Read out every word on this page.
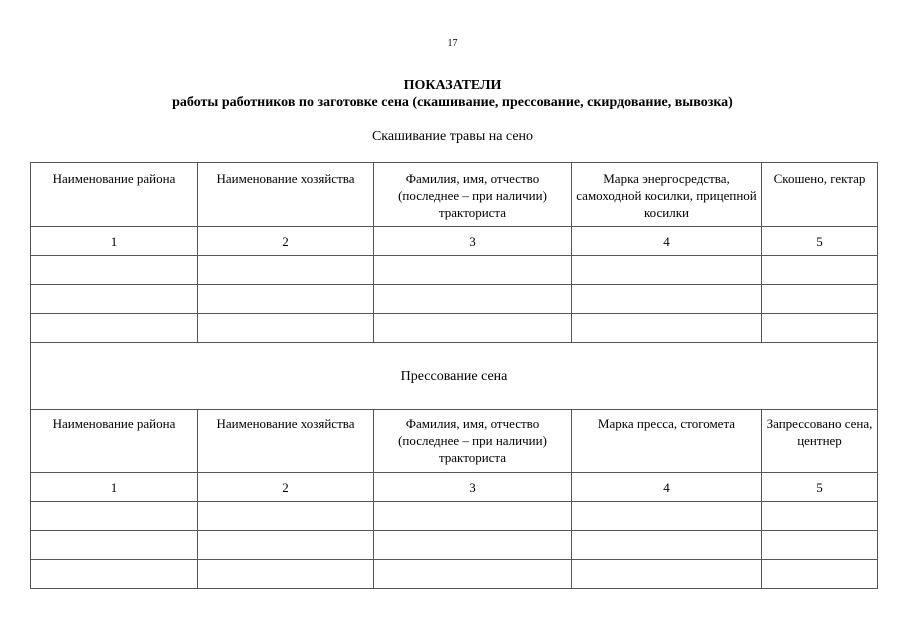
17
ПОКАЗАТЕЛИ
работы работников по заготовке сена (скашивание, прессование, скирдование, вывозка)
Скашивание травы на сено
Наименование района	Наименование хозяйства	Фамилия, имя, отчество (последнее – при наличии) тракториста	Марка энергосредства, самоходной косилки, прицепной косилки	Скошено, гектар
1	2	3	4	5

Прессование сена				
Наименование района	Наименование хозяйства	Фамилия, имя, отчество (последнее – при наличии) тракториста	Марка пресса, стогомета	Запрессовано сена, центнер
1	2	3	4	5
